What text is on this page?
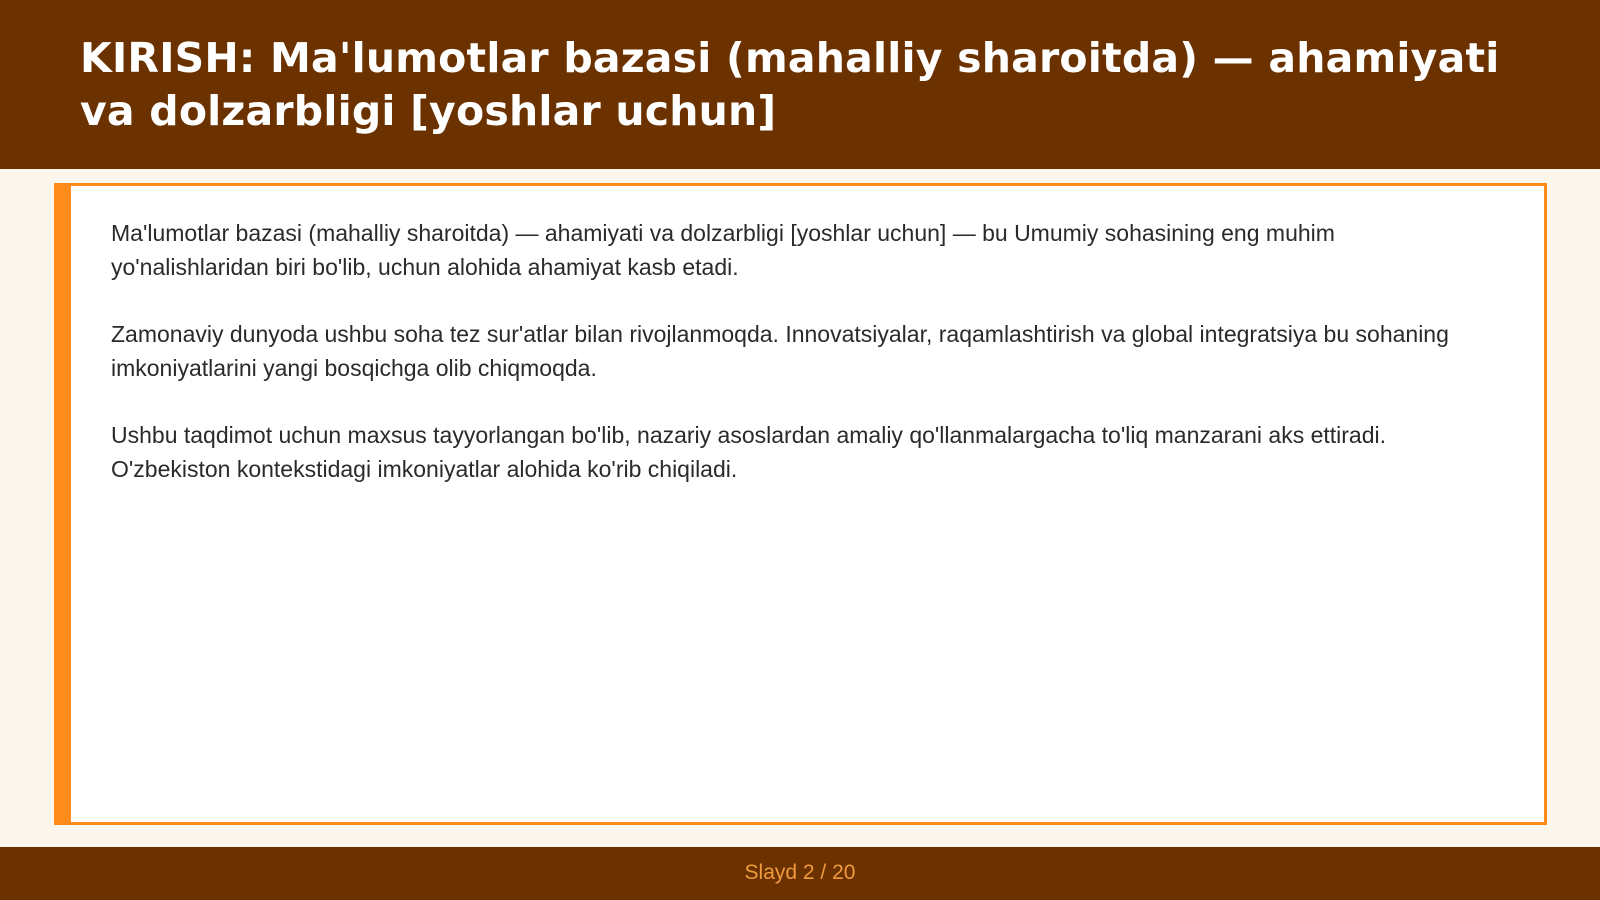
KIRISH: Ma'lumotlar bazasi (mahalliy sharoitda) — ahamiyati va dolzarbligi [yoshlar uchun]

Ma'lumotlar bazasi (mahalliy sharoitda) — ahamiyati va dolzarbligi [yoshlar uchun] — bu Umumiy sohasining eng muhim yo'nalishlaridan biri bo'lib, uchun alohida ahamiyat kasb etadi.

Zamonaviy dunyoda ushbu soha tez sur'atlar bilan rivojlanmoqda. Innovatsiyalar, raqamlashtirish va global integratsiya bu sohaning imkoniyatlarini yangi bosqichga olib chiqmoqda.

Ushbu taqdimot uchun maxsus tayyorlangan bo'lib, nazariy asoslardan amaliy qo'llanmalargacha to'liq manzarani aks ettiradi. O'zbekiston kontekstidagi imkoniyatlar alohida ko'rib chiqiladi.

Slayd 2 / 20
